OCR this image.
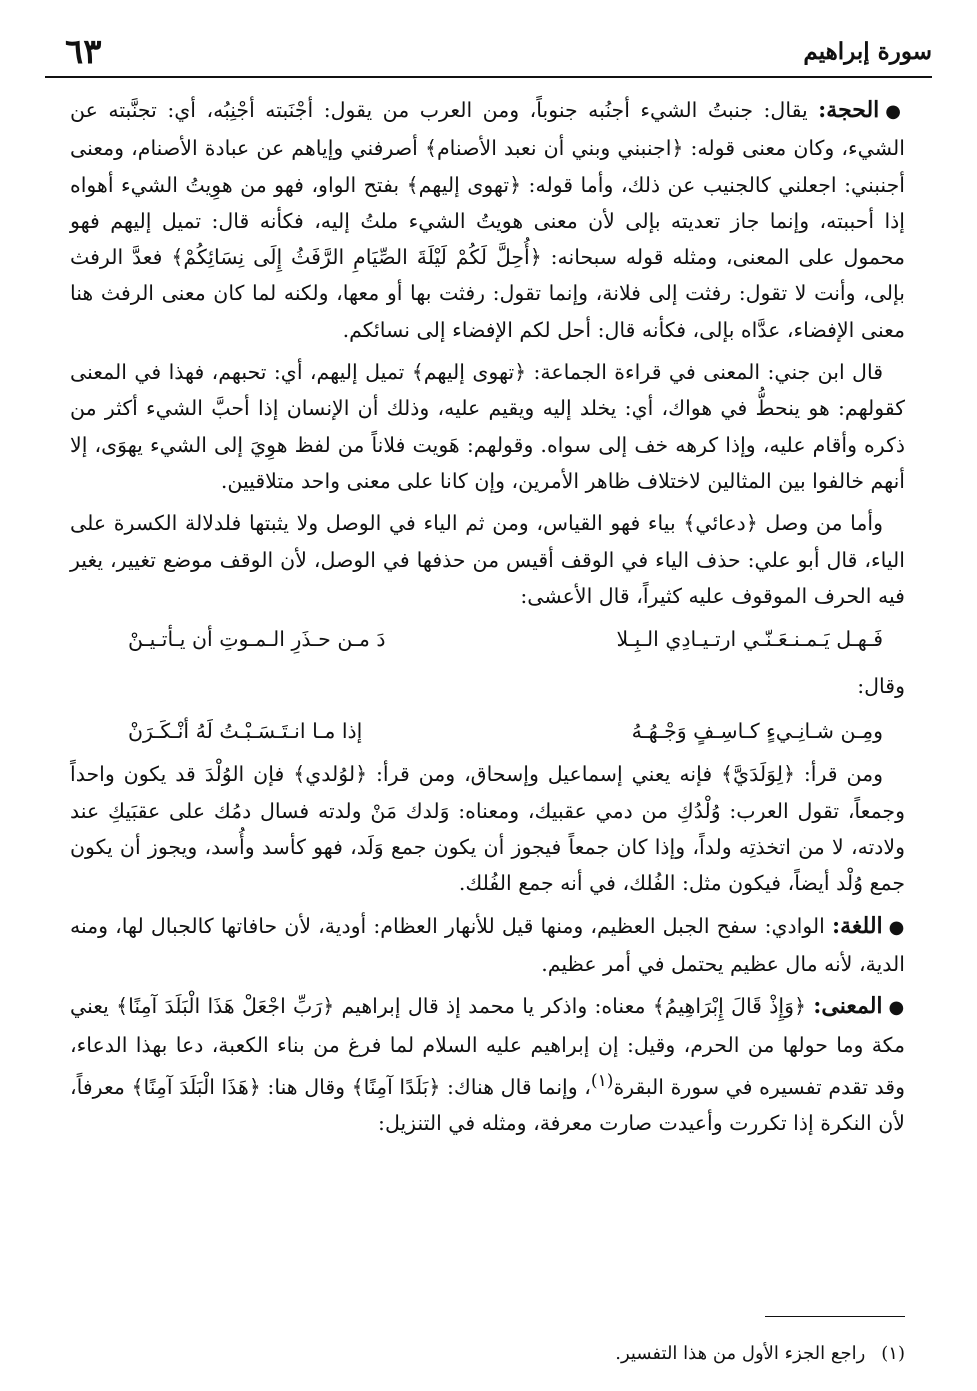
سورة إبراهيم
٦٣

●الحجة: يقال: جنبتُ الشيء أجنُبه جنوباً، ومن العرب من يقول: أجْنَبته أجْنِبُه، أي: تجنَّبته عن الشيء، وكان معنى قوله: ﴿اجنبني وبني أن نعبد الأصنام﴾ أصرفني وإياهم عن عبادة الأصنام، ومعنى أجنبني: اجعلني كالجنيب عن ذلك، وأما قوله: ﴿تهوى إليهم﴾ بفتح الواو، فهو من هوِيتُ الشيء أهواه إذا أحببته، وإنما جاز تعديته بإلى لأن معنى هويتُ الشيء ملتُ إليه، فكأنه قال: تميل إليهم فهو محمول على المعنى، ومثله قوله سبحانه: ﴿أُحِلَّ لَكُمْ لَيْلَةَ الصِّيَامِ الرَّفَثُ إِلَى نِسَائِكُمْ﴾ فعدَّ الرفث بإلى، وأنت لا تقول: رفثت إلى فلانة، وإنما تقول: رفثت بها أو معها، ولكنه لما كان معنى الرفث هنا معنى الإفضاء، عدَّاه بإلى، فكأنه قال: أحل لكم الإفضاء إلى نسائكم.

قال ابن جني: المعنى في قراءة الجماعة: ﴿تهوى إليهم﴾ تميل إليهم، أي: تحبهم، فهذا في المعنى كقولهم: هو ينحطُّ في هواك، أي: يخلد إليه ويقيم عليه، وذلك أن الإنسان إذا أحبَّ الشيء أكثر من ذكره وأقام عليه، وإذا كرهه خف إلى سواه. وقولهم: هَويت فلاناً من لفظ هوِيَ إلى الشيء يهوَى، إلا أنهم خالفوا بين المثالين لاختلاف ظاهر الأمرين، وإن كانا على معنى واحد متلاقيين.

وأما من وصل ﴿دعائي﴾ بياء فهو القياس، ومن ثم الياء في الوصل ولا يثبتها فلدلالة الكسرة على الياء، قال أبو علي: حذف الياء في الوقف أقيس من حذفها في الوصل، لأن الوقف موضع تغيير، يغير فيه الحرف الموقوف عليه كثيراً، قال الأعشى:

فَـهـل يَـمـنـعَـنّـي ارتـيـادِي الـبِـلا
دَ مـن حـذَرِ الـمـوتِ أن يـأتـيـنْ

وقال:

ومِـن شـانِـيءٍ كـاسِـفٍ وَجْـهُـهُ
إذا مـا انـتَـسَـبْـتُ لَهُ أنْـكَـرَنْ

ومن قرأ: ﴿لِوَلَدَيَّ﴾ فإنه يعني إسماعيل وإسحاق، ومن قرأ: ﴿لوُلدي﴾ فإن الوُلْدَ قد يكون واحداً وجمعاً، تقول العرب: وُلْدُكِ من دمي عقبيك، ومعناه: وَلدك مَنْ ولدته فسال دمُك على عقبَيكِ عند ولادته، لا من اتخذتِه ولداً، وإذا كان جمعاً فيجوز أن يكون جمع وَلَد، فهو كأسد وأُسد، ويجوز أن يكون جمع وُلْد أيضاً، فيكون مثل: الفُلك، في أنه جمع الفُلك.

●اللغة: الوادي: سفح الجبل العظيم، ومنها قيل للأنهار العظام: أودية، لأن حافاتها كالجبال لها، ومنه الدية، لأنه مال عظيم يحتمل في أمر عظيم.

●المعنى: ﴿وَإِذْ قَالَ إِبْرَاهِيمُ﴾ معناه: واذكر يا محمد إذ قال إبراهيم ﴿رَبِّ اجْعَلْ هَذَا الْبَلَدَ آمِنًا﴾ يعني مكة وما حولها من الحرم، وقيل: إن إبراهيم عليه السلام لما فرغ من بناء الكعبة، دعا بهذا الدعاء، وقد تقدم تفسيره في سورة البقرة$^{(١)}$، وإنما قال هناك: ﴿بَلَدًا آمِنًا﴾ وقال هنا: ﴿هَذَا الْبَلَدَ آمِنًا﴾ معرفاً، لأن النكرة إذا تكررت وأعيدت صارت معرفة، ومثله في التنزيل:

(١)راجع الجزء الأول من هذا التفسير.
